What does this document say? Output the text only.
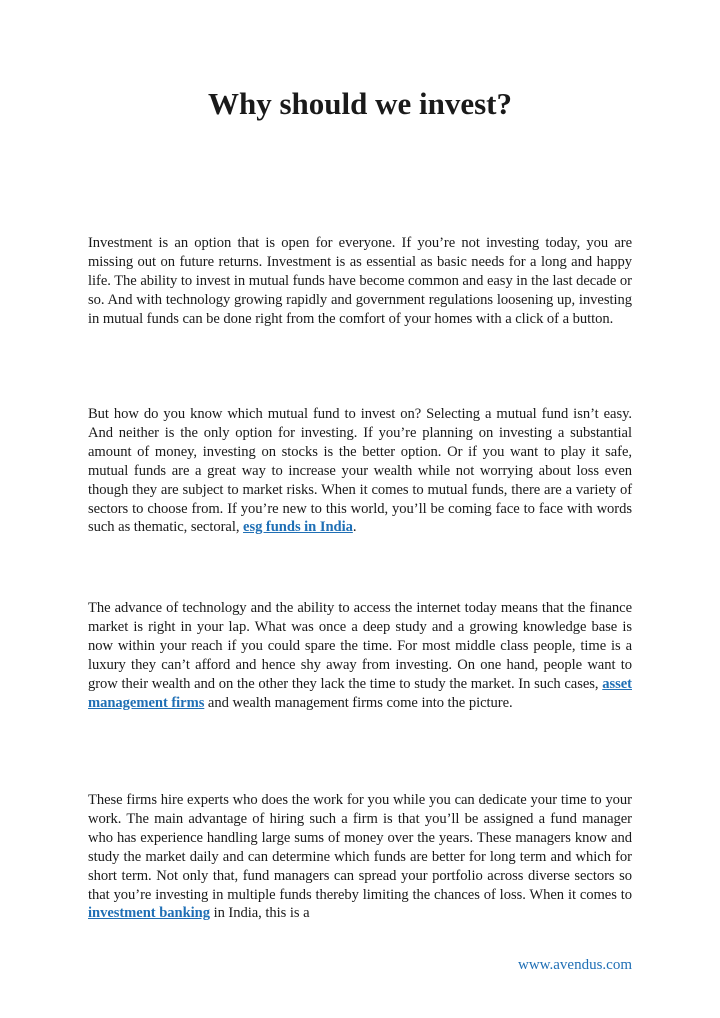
Why should we invest?

Investment is an option that is open for everyone. If you’re not investing today, you are missing out on future returns. Investment is as essential as basic needs for a long and happy life. The ability to invest in mutual funds have become common and easy in the last decade or so. And with technology growing rapidly and government regulations loosening up, investing in mutual funds can be done right from the comfort of your homes with a click of a button.

But how do you know which mutual fund to invest on? Selecting a mutual fund isn’t easy. And neither is the only option for investing. If you’re planning on investing a substantial amount of money, investing on stocks is the better option. Or if you want to play it safe, mutual funds are a great way to increase your wealth while not worrying about loss even though they are subject to market risks. When it comes to mutual funds, there are a variety of sectors to choose from. If you’re new to this world, you’ll be coming face to face with words such as thematic, sectoral, esg funds in India.

The advance of technology and the ability to access the internet today means that the finance market is right in your lap. What was once a deep study and a growing knowledge base is now within your reach if you could spare the time. For most middle class people, time is a luxury they can’t afford and hence shy away from investing. On one hand, people want to grow their wealth and on the other they lack the time to study the market. In such cases, asset management firms and wealth management firms come into the picture.

These firms hire experts who does the work for you while you can dedicate your time to your work. The main advantage of hiring such a firm is that you’ll be assigned a fund manager who has experience handling large sums of money over the years. These managers know and study the market daily and can determine which funds are better for long term and which for short term. Not only that, fund managers can spread your portfolio across diverse sectors so that you’re investing in multiple funds thereby limiting the chances of loss. When it comes to investment banking in India, this is a

www.avendus.com
